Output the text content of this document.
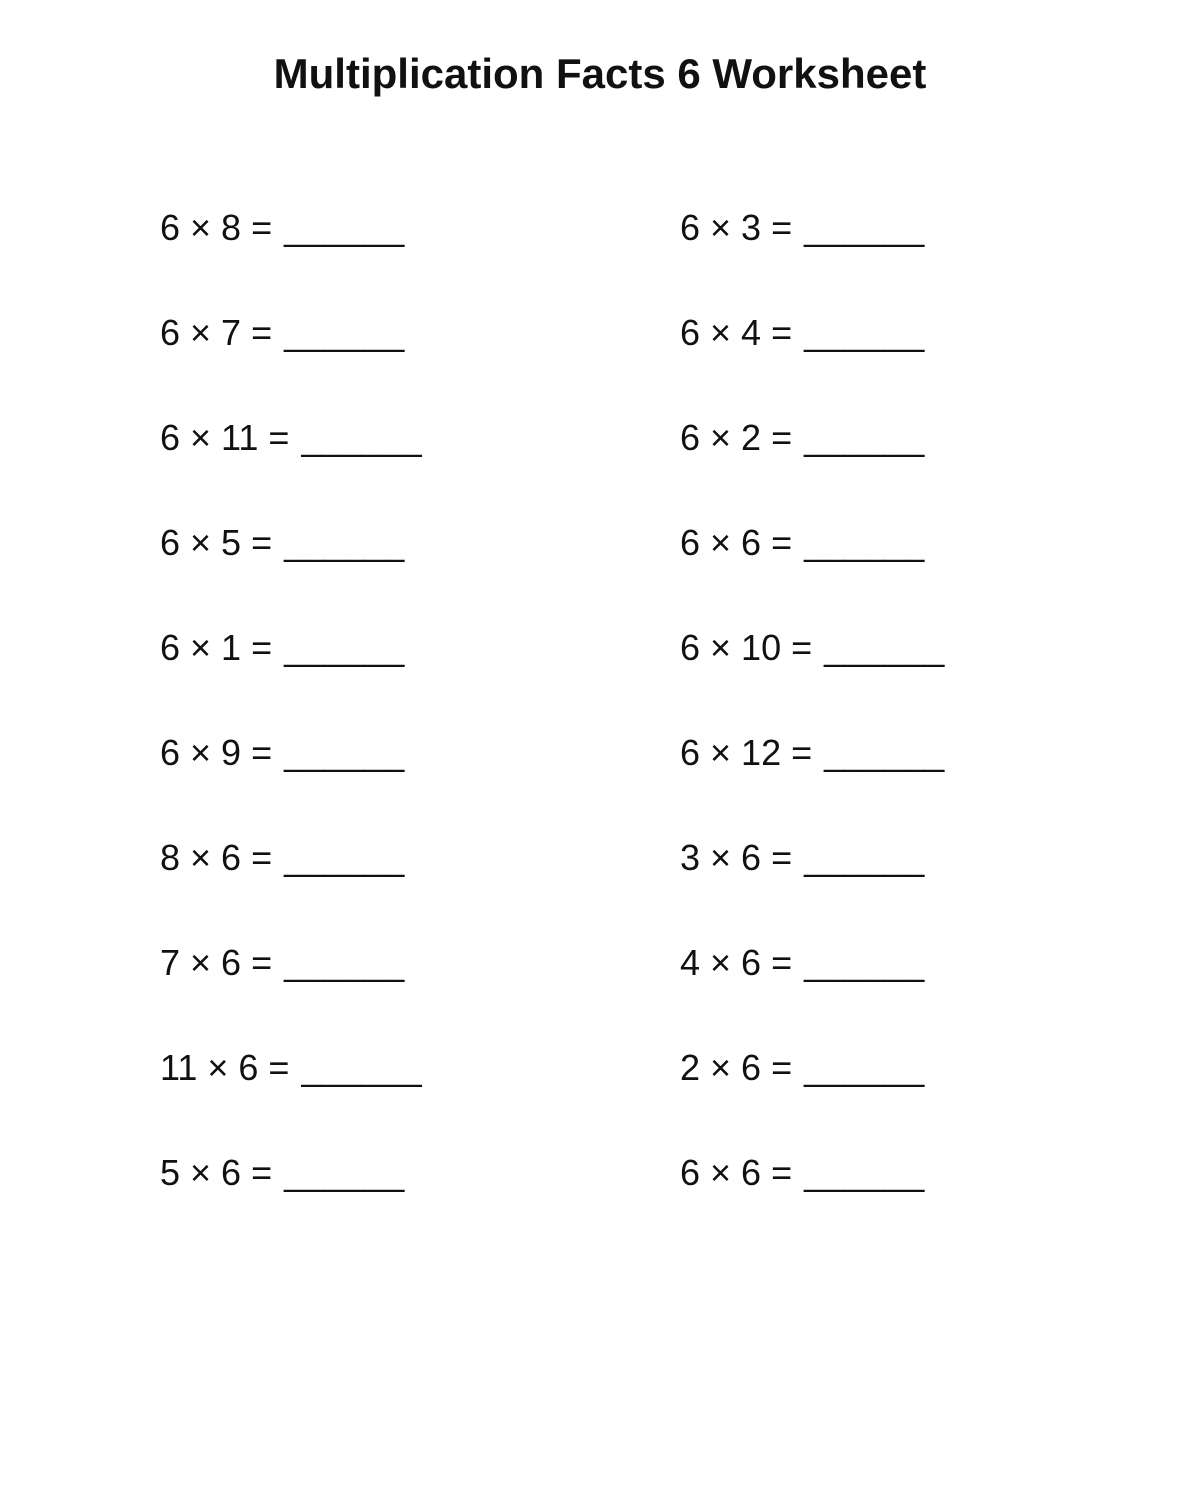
Multiplication Facts 6 Worksheet
6 × 8 = ______
6 × 7 = ______
6 × 11 = ______
6 × 5 = ______
6 × 1 = ______
6 × 9 = ______
8 × 6 = ______
7 × 6 = ______
11 × 6 = ______
5 × 6 = ______
6 × 3 = ______
6 × 4 = ______
6 × 2 = ______
6 × 6 = ______
6 × 10 = ______
6 × 12 = ______
3 × 6 = ______
4 × 6 = ______
2 × 6 = ______
6 × 6 = ______
